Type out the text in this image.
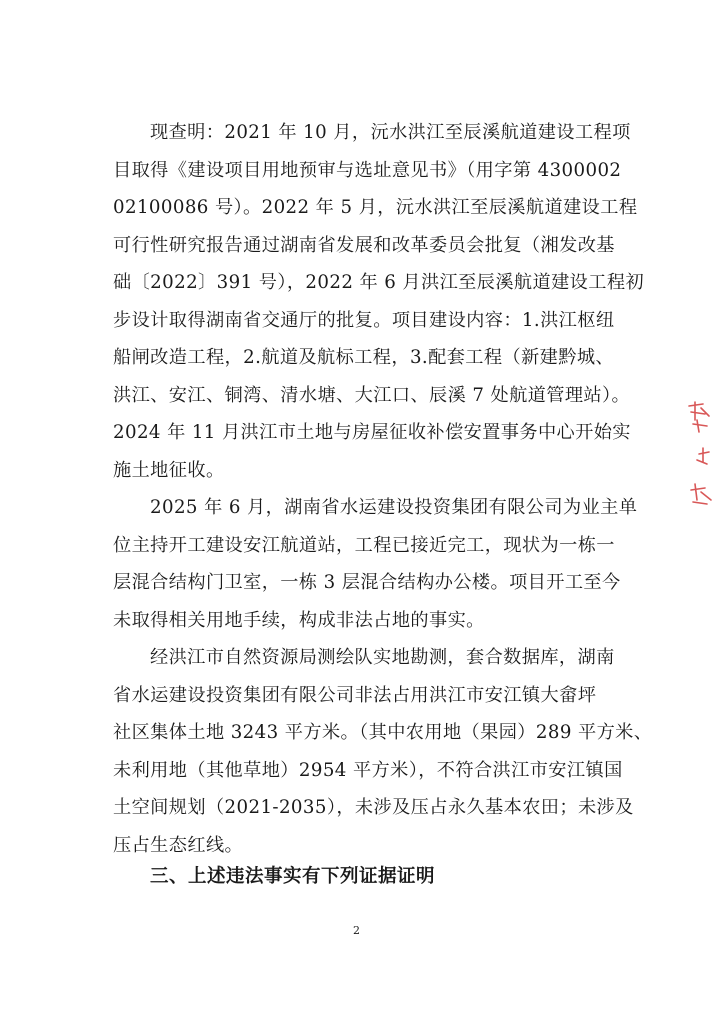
现查明：2021 年 10 月，沅水洪江至辰溪航道建设工程项
目取得《建设项目用地预审与选址意见书》（用字第 4300002
02100086 号）。2022 年 5 月，沅水洪江至辰溪航道建设工程
可行性研究报告通过湖南省发展和改革委员会批复（湘发改基
础〔2022〕391 号），2022 年 6 月洪江至辰溪航道建设工程初
步设计取得湖南省交通厅的批复。项目建设内容：1.洪江枢纽
船闸改造工程，2.航道及航标工程，3.配套工程（新建黔城、
洪江、安江、铜湾、清水塘、大江口、辰溪 7 处航道管理站）。
2024 年 11 月洪江市土地与房屋征收补偿安置事务中心开始实
施土地征收。
2025 年 6 月，湖南省水运建设投资集团有限公司为业主单
位主持开工建设安江航道站，工程已接近完工，现状为一栋一
层混合结构门卫室，一栋 3 层混合结构办公楼。项目开工至今
未取得相关用地手续，构成非法占地的事实。
经洪江市自然资源局测绘队实地勘测，套合数据库，湖南
省水运建设投资集团有限公司非法占用洪江市安江镇大畲坪
社区集体土地 3243 平方米。（其中农用地（果园）289 平方米、
未利用地（其他草地）2954 平方米），不符合洪江市安江镇国
土空间规划（2021-2035），未涉及压占永久基本农田；未涉及
压占生态红线。
三、上述违法事实有下列证据证明
2
